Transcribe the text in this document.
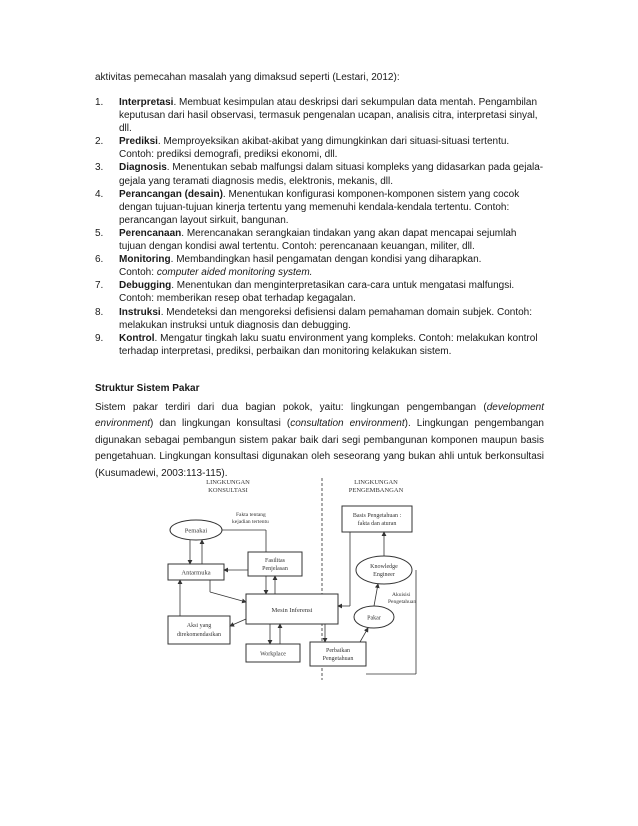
aktivitas pemecahan masalah yang dimaksud seperti (Lestari, 2012):
1. Interpretasi. Membuat kesimpulan atau deskripsi dari sekumpulan data mentah. Pengambilan keputusan dari hasil observasi, termasuk pengenalan ucapan, analisis citra, interpretasi sinyal, dll.
2. Prediksi. Memproyeksikan akibat-akibat yang dimungkinkan dari situasi-situasi tertentu.
Contoh: prediksi demografi, prediksi ekonomi, dll.
3. Diagnosis. Menentukan sebab malfungsi dalam situasi kompleks yang didasarkan pada gejala-gejala yang teramati diagnosis medis, elektronis, mekanis, dll.
4. Perancangan (desain). Menentukan konfigurasi komponen-komponen sistem yang cocok dengan tujuan-tujuan kinerja tertentu yang memenuhi kendala-kendala tertentu. Contoh: perancangan layout sirkuit, bangunan.
5. Perencanaan. Merencanakan serangkaian tindakan yang akan dapat mencapai sejumlah tujuan dengan kondisi awal tertentu. Contoh: perencanaan keuangan, militer, dll.
6. Monitoring. Membandingkan hasil pengamatan dengan kondisi yang diharapkan.
Contoh: computer aided monitoring system.
7. Debugging. Menentukan dan menginterpretasikan cara-cara untuk mengatasi malfungsi.
Contoh: memberikan resep obat terhadap kegagalan.
8. Instruksi. Mendeteksi dan mengoreksi defisiensi dalam pemahaman domain subjek. Contoh: melakukan instruksi untuk diagnosis dan debugging.
9. Kontrol. Mengatur tingkah laku suatu environment yang kompleks. Contoh: melakukan kontrol terhadap interpretasi, prediksi, perbaikan dan monitoring kelakukan sistem.
Struktur Sistem Pakar
Sistem pakar terdiri dari dua bagian pokok, yaitu: lingkungan pengembangan (development environment) dan lingkungan konsultasi (consultation environment). Lingkungan pengembangan digunakan sebagai pembangun sistem pakar baik dari segi pembangunan komponen maupun basis pengetahuan. Lingkungan konsultasi digunakan oleh seseorang yang bukan ahli untuk berkonsultasi (Kusumadewi, 2003:113-115).
LINGKUNGAN
KONSULTASI
LINGKUNGAN
PENGEMBANGAN
Pemakai
Fakta tentang
kejadian tertentu
Antarmuka
Fasilitas
Penjelasan
Mesin Inferensi
Aksi yang
direkomendasikan
Workplace
Perbaikan
Pengetahuan
Basis Pengetahuan :
fakta dan aturan
Knowledge
Engineer
Akuisisi
Pengetahuan
Pakar
